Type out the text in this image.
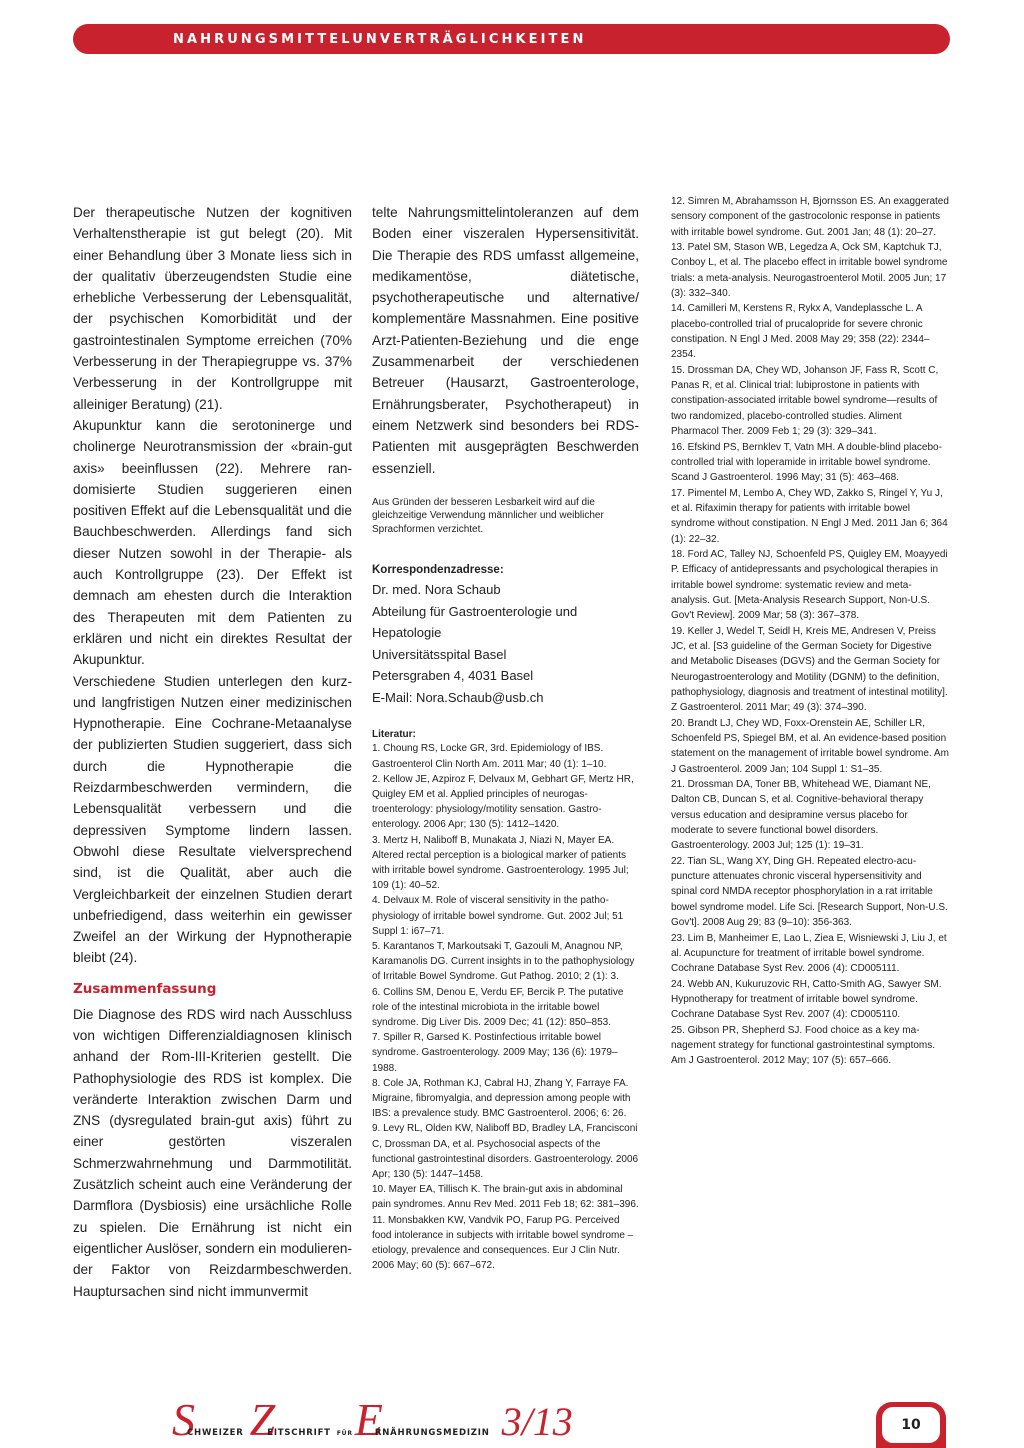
NAHRUNGSMITTELUNVERTRÄGLICHKEITEN

Der therapeutische Nutzen der kognitiven Verhaltenstherapie ist gut belegt (20). Mit einer Behandlung über 3 Monate liess sich in der qualitativ überzeugendsten Studie eine erhebliche Verbesserung der Lebensqualität, der psychischen Komorbidität und der gastrointestinalen Symptome erreichen (70% Verbesserung in der Therapiegruppe vs. 37% Verbesserung in der Kontrollgruppe mit alleiniger Beratung) (21).

Akupunktur kann die serotoninerge und cholinerge Neurotransmission der «brain-gut axis» beeinflussen (22). Mehrere randomisierte Studien suggerieren einen positiven Effekt auf die Lebensqualität und die Bauchbeschwerden. Allerdings fand sich dieser Nutzen sowohl in der Therapie- als auch Kontrollgruppe (23). Der Effekt ist demnach am ehesten durch die Interaktion des Therapeuten mit dem Patienten zu erklären und nicht ein direktes Resultat der Akupunktur.

Verschiedene Studien unterlegen den kurz- und langfristigen Nutzen einer medizinischen Hypnotherapie. Eine Cochrane-Metaanalyse der publizierten Studien suggeriert, dass sich durch die Hypnotherapie die Reizdarmbeschwerden vermindern, die Lebensqualität verbessern und die depressiven Symptome lindern lassen. Obwohl diese Resultate vielversprechend sind, ist die Qualität, aber auch die Vergleichbarkeit der einzelnen Studien derart unbefriedigend, dass weiterhin ein gewisser Zweifel an der Wirkung der Hypnotherapie bleibt (24).

Zusammenfassung

Die Diagnose des RDS wird nach Ausschluss von wichtigen Differenzialdiagnosen klinisch anhand der Rom-III-Kriterien gestellt. Die Pathophysiologie des RDS ist komplex. Die veränderte Interaktion zwischen Darm und ZNS (dysregulated brain-gut axis) führt zu einer gestörten viszeralen Schmerzwahrnehmung und Darmmotilität. Zusätzlich scheint auch eine Veränderung der Darmflora (Dysbiosis) eine ursächliche Rolle zu spielen. Die Ernährung ist nicht ein eigentlicher Auslöser, sondern ein modulierender Faktor von Reizdarmbeschwerden. Hauptursachen sind nicht immunvermit

telte Nahrungsmittelintoleranzen auf dem Boden einer viszeralen Hypersensitivität. Die Therapie des RDS umfasst allgemeine, medikamentöse, diätetische, psychotherapeutische und alternative/ komplementäre Massnahmen. Eine positive Arzt-Patienten-Beziehung und die enge Zusammenarbeit der verschiedenen Betreuer (Hausarzt, Gastroenterologe, Ernährungsberater, Psychotherapeut) in einem Netzwerk sind besonders bei RDS-Patienten mit ausgeprägten Beschwerden essenziell.

Aus Gründen der besseren Lesbarkeit wird auf die gleichzeitige Verwendung männlicher und weiblicher Sprachformen verzichtet.
Korrespondenzadresse:
Dr. med. Nora Schaub
Abteilung für Gastroenterologie und
Hepatologie
Universitätsspital Basel
Petersgraben 4, 4031 Basel
E-Mail: Nora.Schaub@usb.ch
Literatur:
1. Choung RS, Locke GR, 3rd. Epidemiology of IBS. Gastroenterol Clin North Am. 2011 Mar; 40 (1): 1–10.
2. Kellow JE, Azpiroz F, Delvaux M, Gebhart GF, Mertz HR, Quigley EM et al. Applied principles of neurogastroenterology: physiology/motility sensation. Gastroenterology. 2006 Apr; 130 (5): 1412–1420.
3. Mertz H, Naliboff B, Munakata J, Niazi N, Mayer EA. Altered rectal perception is a biological marker of patients with irritable bowel syndrome. Gastroenterology. 1995 Jul; 109 (1): 40–52.
4. Delvaux M. Role of visceral sensitivity in the pathophysiology of irritable bowel syndrome. Gut. 2002 Jul; 51 Suppl 1: i67–71.
5. Karantanos T, Markoutsaki T, Gazouli M, Anagnou NP, Karamanolis DG. Current insights in to the pathophysiology of Irritable Bowel Syndrome. Gut Pathog. 2010; 2 (1): 3.
6. Collins SM, Denou E, Verdu EF, Bercik P. The putative role of the intestinal microbiota in the irritable bowel syndrome. Dig Liver Dis. 2009 Dec; 41 (12): 850–853.
7. Spiller R, Garsed K. Postinfectious irritable bowel syndrome. Gastroenterology. 2009 May; 136 (6): 1979–1988.
8. Cole JA, Rothman KJ, Cabral HJ, Zhang Y, Farraye FA. Migraine, fibromyalgia, and depression among people with IBS: a prevalence study. BMC Gastroenterol. 2006; 6: 26.
9. Levy RL, Olden KW, Naliboff BD, Bradley LA, Francisconi C, Drossman DA, et al. Psychosocial aspects of the functional gastrointestinal disorders. Gastroenterology. 2006 Apr; 130 (5): 1447–1458.
10. Mayer EA, Tillisch K. The brain-gut axis in abdominal pain syndromes. Annu Rev Med. 2011 Feb 18; 62: 381–396.
11. Monsbakken KW, Vandvik PO, Farup PG. Perceived food intolerance in subjects with irritable bowel syndrome – etiology, prevalence and consequences. Eur J Clin Nutr. 2006 May; 60 (5): 667–672.
12. Simren M, Abrahamsson H, Bjornsson ES. An exaggerated sensory component of the gastrocolonic response in patients with irritable bowel syndrome. Gut. 2001 Jan; 48 (1): 20–27.
13. Patel SM, Stason WB, Legedza A, Ock SM, Kaptchuk TJ, Conboy L, et al. The placebo effect in irritable bowel syndrome trials: a meta-analysis. Neurogastroenterol Motil. 2005 Jun; 17 (3): 332–340.
14. Camilleri M, Kerstens R, Rykx A, Vandeplassche L. A placebo-controlled trial of prucalopride for severe chronic constipation. N Engl J Med. 2008 May 29; 358 (22): 2344–2354.
15. Drossman DA, Chey WD, Johanson JF, Fass R, Scott C, Panas R, et al. Clinical trial: lubiprostone in patients with constipation-associated irritable bowel syndrome—results of two randomized, placebo-controlled studies. Aliment Pharmacol Ther. 2009 Feb 1; 29 (3): 329–341.
16. Efskind PS, Bernklev T, Vatn MH. A double-blind placebo-controlled trial with loperamide in irritable bowel syndrome. Scand J Gastroenterol. 1996 May; 31 (5): 463–468.
17. Pimentel M, Lembo A, Chey WD, Zakko S, Ringel Y, Yu J, et al. Rifaximin therapy for patients with irritable bowel syndrome without constipation. N Engl J Med. 2011 Jan 6; 364 (1): 22–32.
18. Ford AC, Talley NJ, Schoenfeld PS, Quigley EM, Moayyedi P. Efficacy of antidepressants and psychological therapies in irritable bowel syndrome: systematic review and meta-analysis. Gut. [Meta-Analysis Research Support, Non-U.S. Gov't Review]. 2009 Mar; 58 (3): 367–378.
19. Keller J, Wedel T, Seidl H, Kreis ME, Andresen V, Preiss JC, et al. [S3 guideline of the German Society for Digestive and Metabolic Diseases (DGVS) and the German Society for Neurogastroenterology and Motility (DGNM) to the definition, pathophysiology, diagnosis and treatment of intestinal motility]. Z Gastroenterol. 2011 Mar; 49 (3): 374–390.
20. Brandt LJ, Chey WD, Foxx-Orenstein AE, Schiller LR, Schoenfeld PS, Spiegel BM, et al. An evidence-based position statement on the management of irritable bowel syndrome. Am J Gastroenterol. 2009 Jan; 104 Suppl 1: S1–35.
21. Drossman DA, Toner BB, Whitehead WE, Diamant NE, Dalton CB, Duncan S, et al. Cognitive-behavioral therapy versus education and desipramine versus placebo for moderate to severe functional bowel disorders. Gastroenterology. 2003 Jul; 125 (1): 19–31.
22. Tian SL, Wang XY, Ding GH. Repeated electro-acupuncture attenuates chronic visceral hypersensitivity and spinal cord NMDA receptor phosphorylation in a rat irritable bowel syndrome model. Life Sci. [Research Support, Non-U.S. Gov't]. 2008 Aug 29; 83 (9–10): 356-363.
23. Lim B, Manheimer E, Lao L, Ziea E, Wisniewski J, Liu J, et al. Acupuncture for treatment of irritable bowel syndrome. Cochrane Database Syst Rev. 2006 (4): CD005111.
24. Webb AN, Kukuruzovic RH, Catto-Smith AG, Sawyer SM. Hypnotherapy for treatment of irritable bowel syndrome. Cochrane Database Syst Rev. 2007 (4): CD005110.
25. Gibson PR, Shepherd SJ. Food choice as a key management strategy for functional gastrointestinal symptoms. Am J Gastroenterol. 2012 May; 107 (5): 657–666.
S
CHWEIZER Z
EITSCHRIFT FÜR E
RNÄHRUNGSMEDIZIN 3/13	10
